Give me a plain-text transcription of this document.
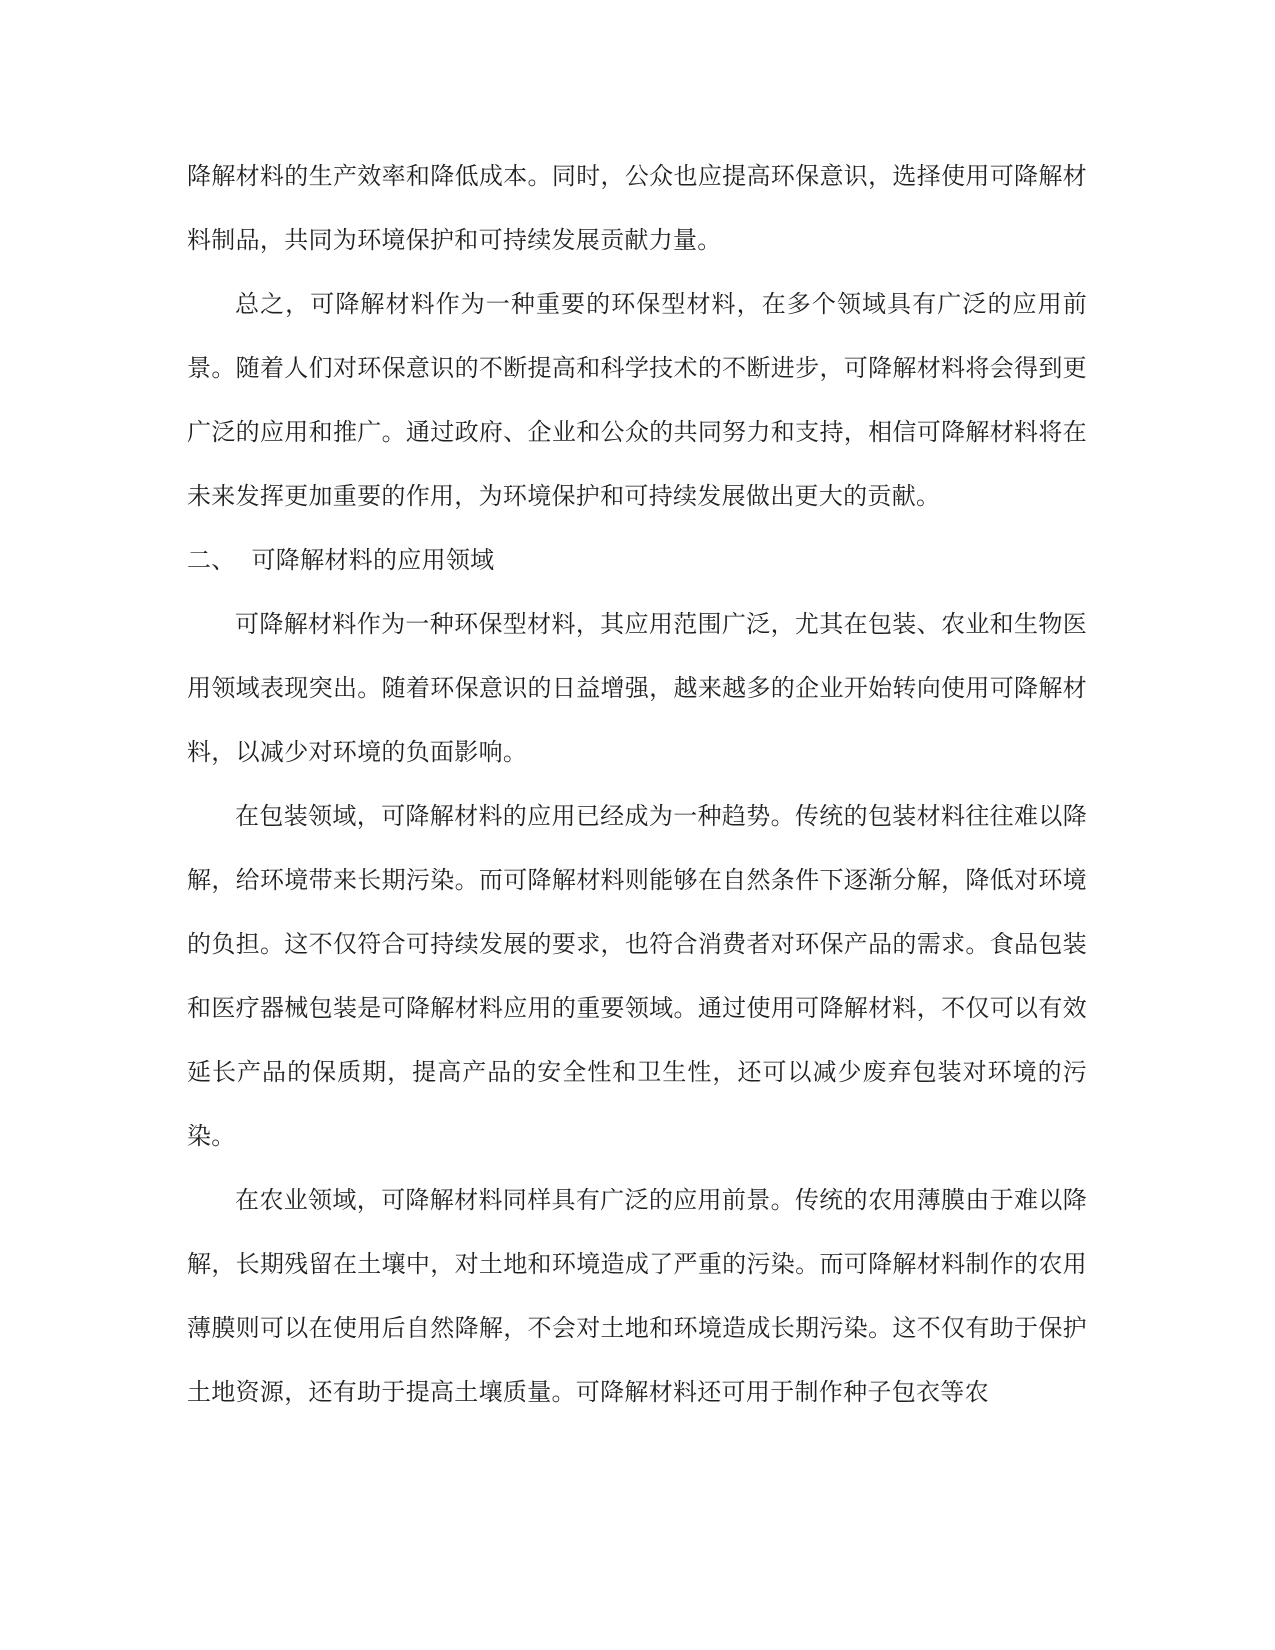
降解材料的生产效率和降低成本。同时，公众也应提高环保意识，选择使用可降解材料制品，共同为环境保护和可持续发展贡献力量。

总之，可降解材料作为一种重要的环保型材料，在多个领域具有广泛的应用前景。随着人们对环保意识的不断提高和科学技术的不断进步，可降解材料将会得到更广泛的应用和推广。通过政府、企业和公众的共同努力和支持，相信可降解材料将在未来发挥更加重要的作用，为环境保护和可持续发展做出更大的贡献。

二、 可降解材料的应用领域

可降解材料作为一种环保型材料，其应用范围广泛，尤其在包装、农业和生物医用领域表现突出。随着环保意识的日益增强，越来越多的企业开始转向使用可降解材料，以减少对环境的负面影响。

在包装领域，可降解材料的应用已经成为一种趋势。传统的包装材料往往难以降解，给环境带来长期污染。而可降解材料则能够在自然条件下逐渐分解，降低对环境的负担。这不仅符合可持续发展的要求，也符合消费者对环保产品的需求。食品包装和医疗器械包装是可降解材料应用的重要领域。通过使用可降解材料，不仅可以有效延长产品的保质期，提高产品的安全性和卫生性，还可以减少废弃包装对环境的污染。

在农业领域，可降解材料同样具有广泛的应用前景。传统的农用薄膜由于难以降解，长期残留在土壤中，对土地和环境造成了严重的污染。而可降解材料制作的农用薄膜则可以在使用后自然降解，不会对土地和环境造成长期污染。这不仅有助于保护土地资源，还有助于提高土壤质量。可降解材料还可用于制作种子包衣等农
